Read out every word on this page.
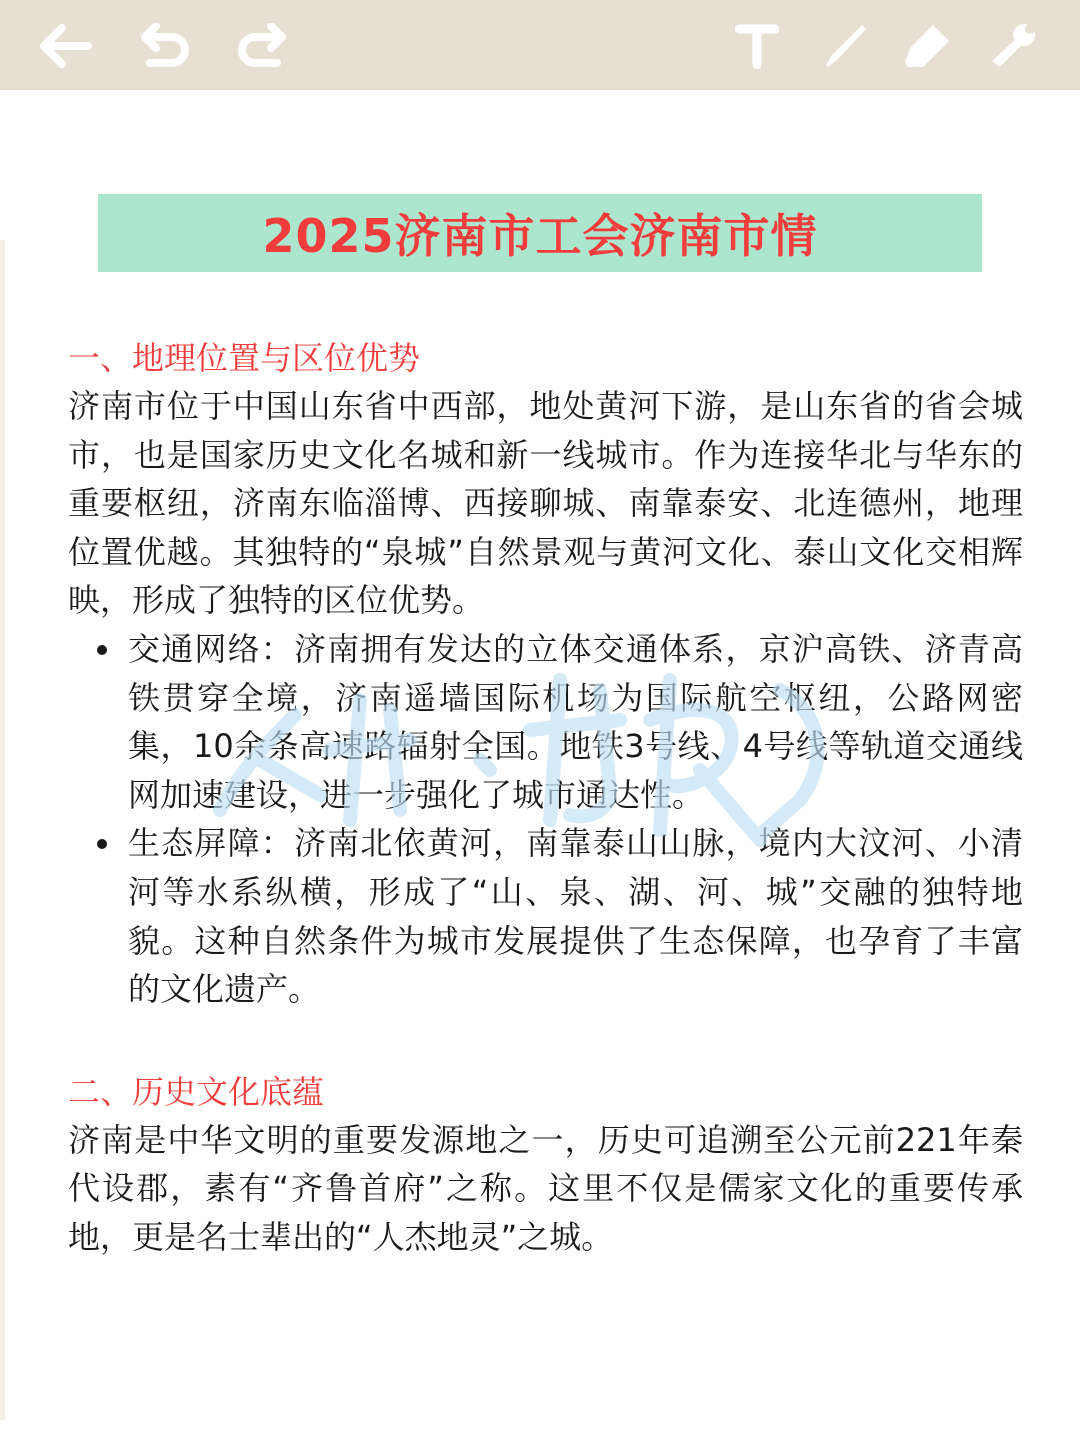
2025济南市工会济南市情
一、地理位置与区位优势

济南市位于中国山东省中西部，地处黄河下游，是山东省的省会城市，也是国家历史文化名城和新一线城市。作为连接华北与华东的重要枢纽，济南东临淄博、西接聊城、南靠泰安、北连德州，地理位置优越。其独特的“泉城”自然景观与黄河文化、泰山文化交相辉映，形成了独特的区位优势。

交通网络：济南拥有发达的立体交通体系，京沪高铁、济青高铁贯穿全境，济南遥墙国际机场为国际航空枢纽，公路网密集，10余条高速路辐射全国。地铁3号线、4号线等轨道交通线网加速建设，进一步强化了城市通达性。
生态屏障：济南北依黄河，南靠泰山山脉，境内大汶河、小清河等水系纵横，形成了“山、泉、湖、河、城”交融的独特地貌。这种自然条件为城市发展提供了生态保障，也孕育了丰富的文化遗产。
二、历史文化底蕴

济南是中华文明的重要发源地之一，历史可追溯至公元前221年秦代设郡，素有“齐鲁首府”之称。这里不仅是儒家文化的重要传承地，更是名士辈出的“人杰地灵”之城。
